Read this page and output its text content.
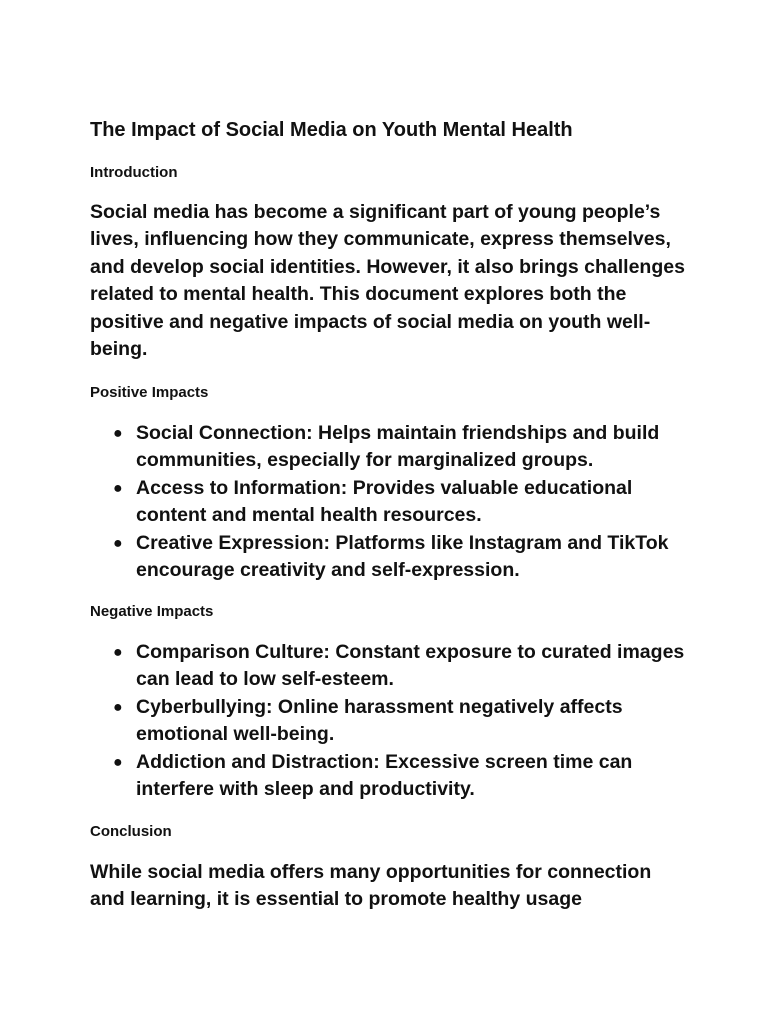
The Impact of Social Media on Youth Mental Health
Introduction

Social media has become a significant part of young people’s lives, influencing how they communicate, express themselves, and develop social identities. However, it also brings challenges related to mental health. This document explores both the positive and negative impacts of social media on youth well-being.

Positive Impacts
● Social Connection: Helps maintain friendships and build communities, especially for marginalized groups.
● Access to Information: Provides valuable educational content and mental health resources.
● Creative Expression: Platforms like Instagram and TikTok encourage creativity and self-expression.
Negative Impacts
● Comparison Culture: Constant exposure to curated images can lead to low self-esteem.
● Cyberbullying: Online harassment negatively affects emotional well-being.
● Addiction and Distraction: Excessive screen time can interfere with sleep and productivity.
Conclusion

While social media offers many opportunities for connection and learning, it is essential to promote healthy usage
